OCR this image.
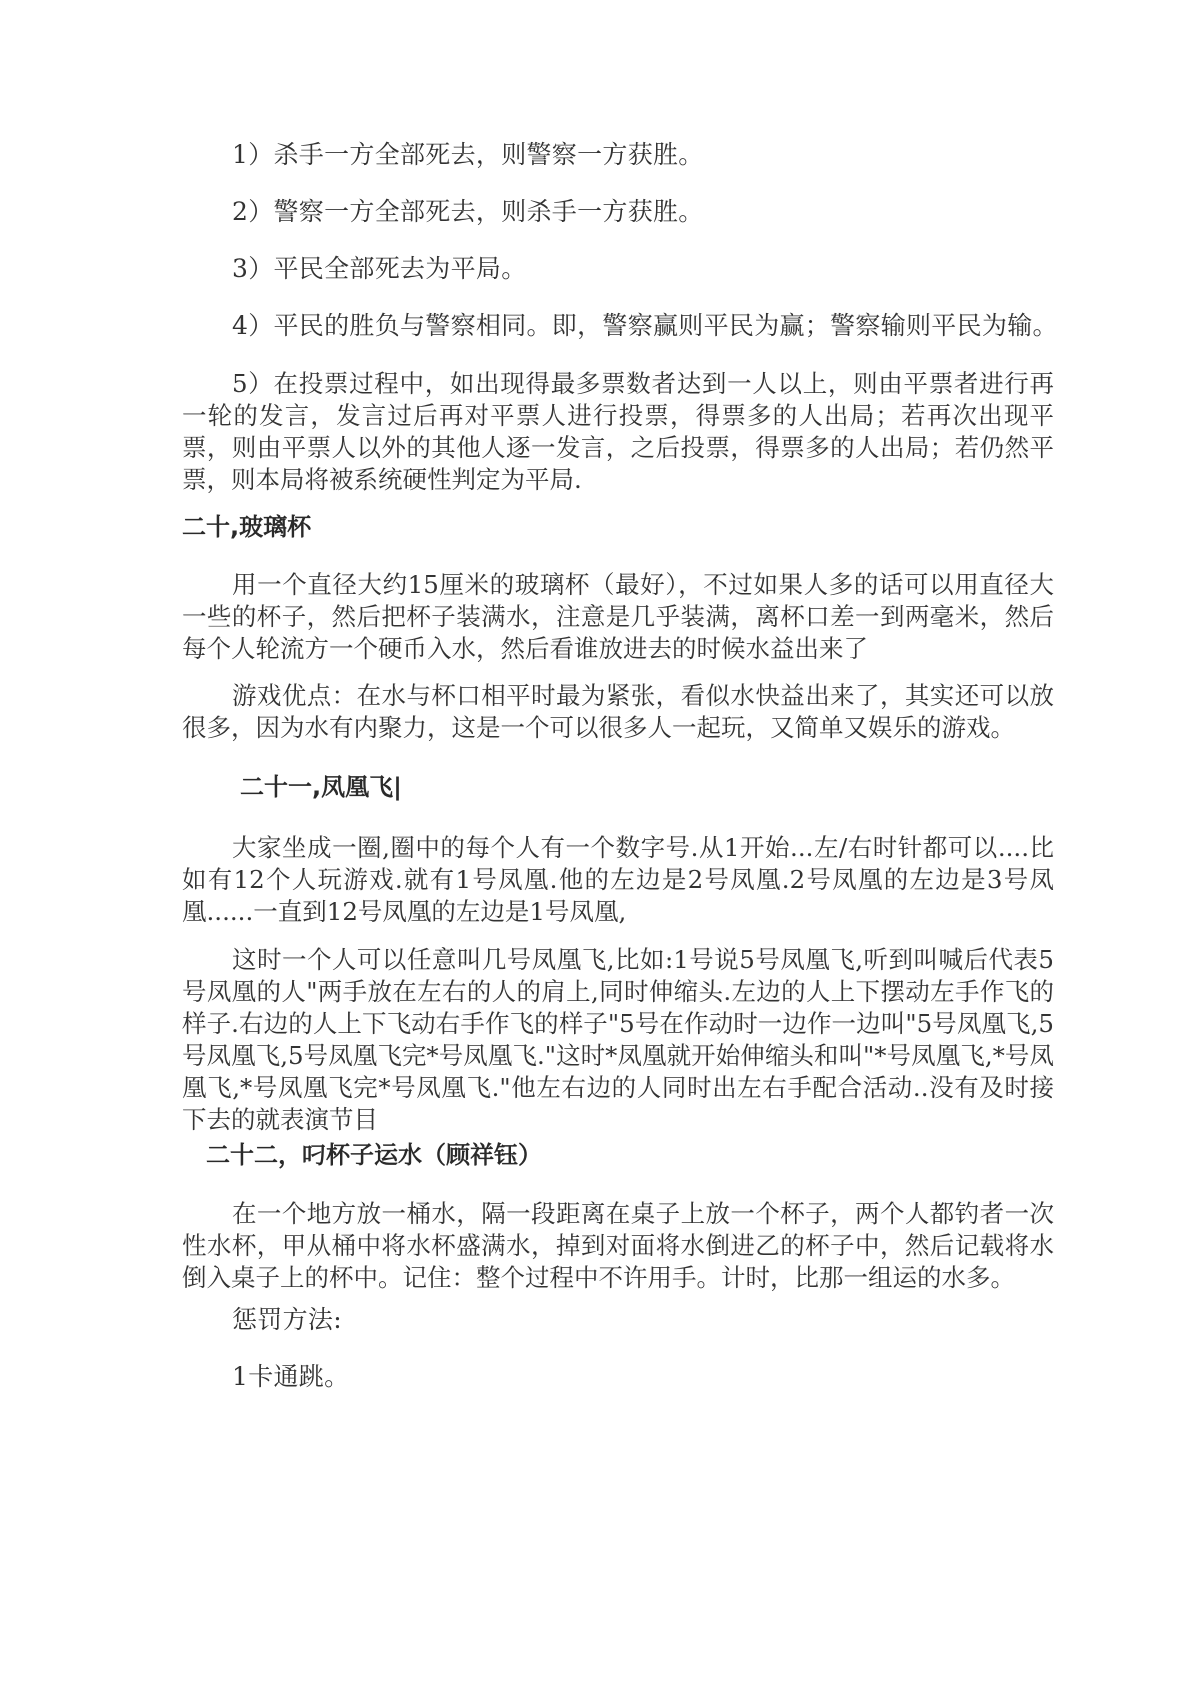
1）杀手一方全部死去，则警察一方获胜。
2）警察一方全部死去，则杀手一方获胜。
3）平民全部死去为平局。
4）平民的胜负与警察相同。即，警察赢则平民为赢；警察输则平民为输。
5）在投票过程中，如出现得最多票数者达到一人以上，则由平票者进行再一轮的发言，发言过后再对平票人进行投票，得票多的人出局；若再次出现平票，则由平票人以外的其他人逐一发言，之后投票，得票多的人出局；若仍然平票，则本局将被系统硬性判定为平局.
二十,玻璃杯
用一个直径大约15厘米的玻璃杯（最好），不过如果人多的话可以用直径大一些的杯子，然后把杯子装满水，注意是几乎装满，离杯口差一到两毫米，然后每个人轮流方一个硬币入水，然后看谁放进去的时候水益出来了
游戏优点：在水与杯口相平时最为紧张，看似水快益出来了，其实还可以放很多，因为水有内聚力，这是一个可以很多人一起玩，又简单又娱乐的游戏。
二十一,凤凰飞|
大家坐成一圈,圈中的每个人有一个数字号.从1开始...左/右时针都可以....比如有12个人玩游戏.就有1号凤凰.他的左边是2号凤凰.2号凤凰的左边是3号凤凰......一直到12号凤凰的左边是1号凤凰,
这时一个人可以任意叫几号凤凰飞,比如:1号说5号凤凰飞,听到叫喊后代表5号凤凰的人"两手放在左右的人的肩上,同时伸缩头.左边的人上下摆动左手作飞的样子.右边的人上下飞动右手作飞的样子"5号在作动时一边作一边叫"5号凤凰飞,5号凤凰飞,5号凤凰飞完*号凤凰飞."这时*凤凰就开始伸缩头和叫"*号凤凰飞,*号凤凰飞,*号凤凰飞完*号凤凰飞."他左右边的人同时出左右手配合活动..没有及时接下去的就表演节目
二十二，叼杯子运水（顾祥钰）
在一个地方放一桶水，隔一段距离在桌子上放一个杯子，两个人都钓者一次性水杯，甲从桶中将水杯盛满水，掉到对面将水倒进乙的杯子中，然后记载将水倒入桌子上的杯中。记住：整个过程中不许用手。计时，比那一组运的水多。
惩罚方法:
1卡通跳。
